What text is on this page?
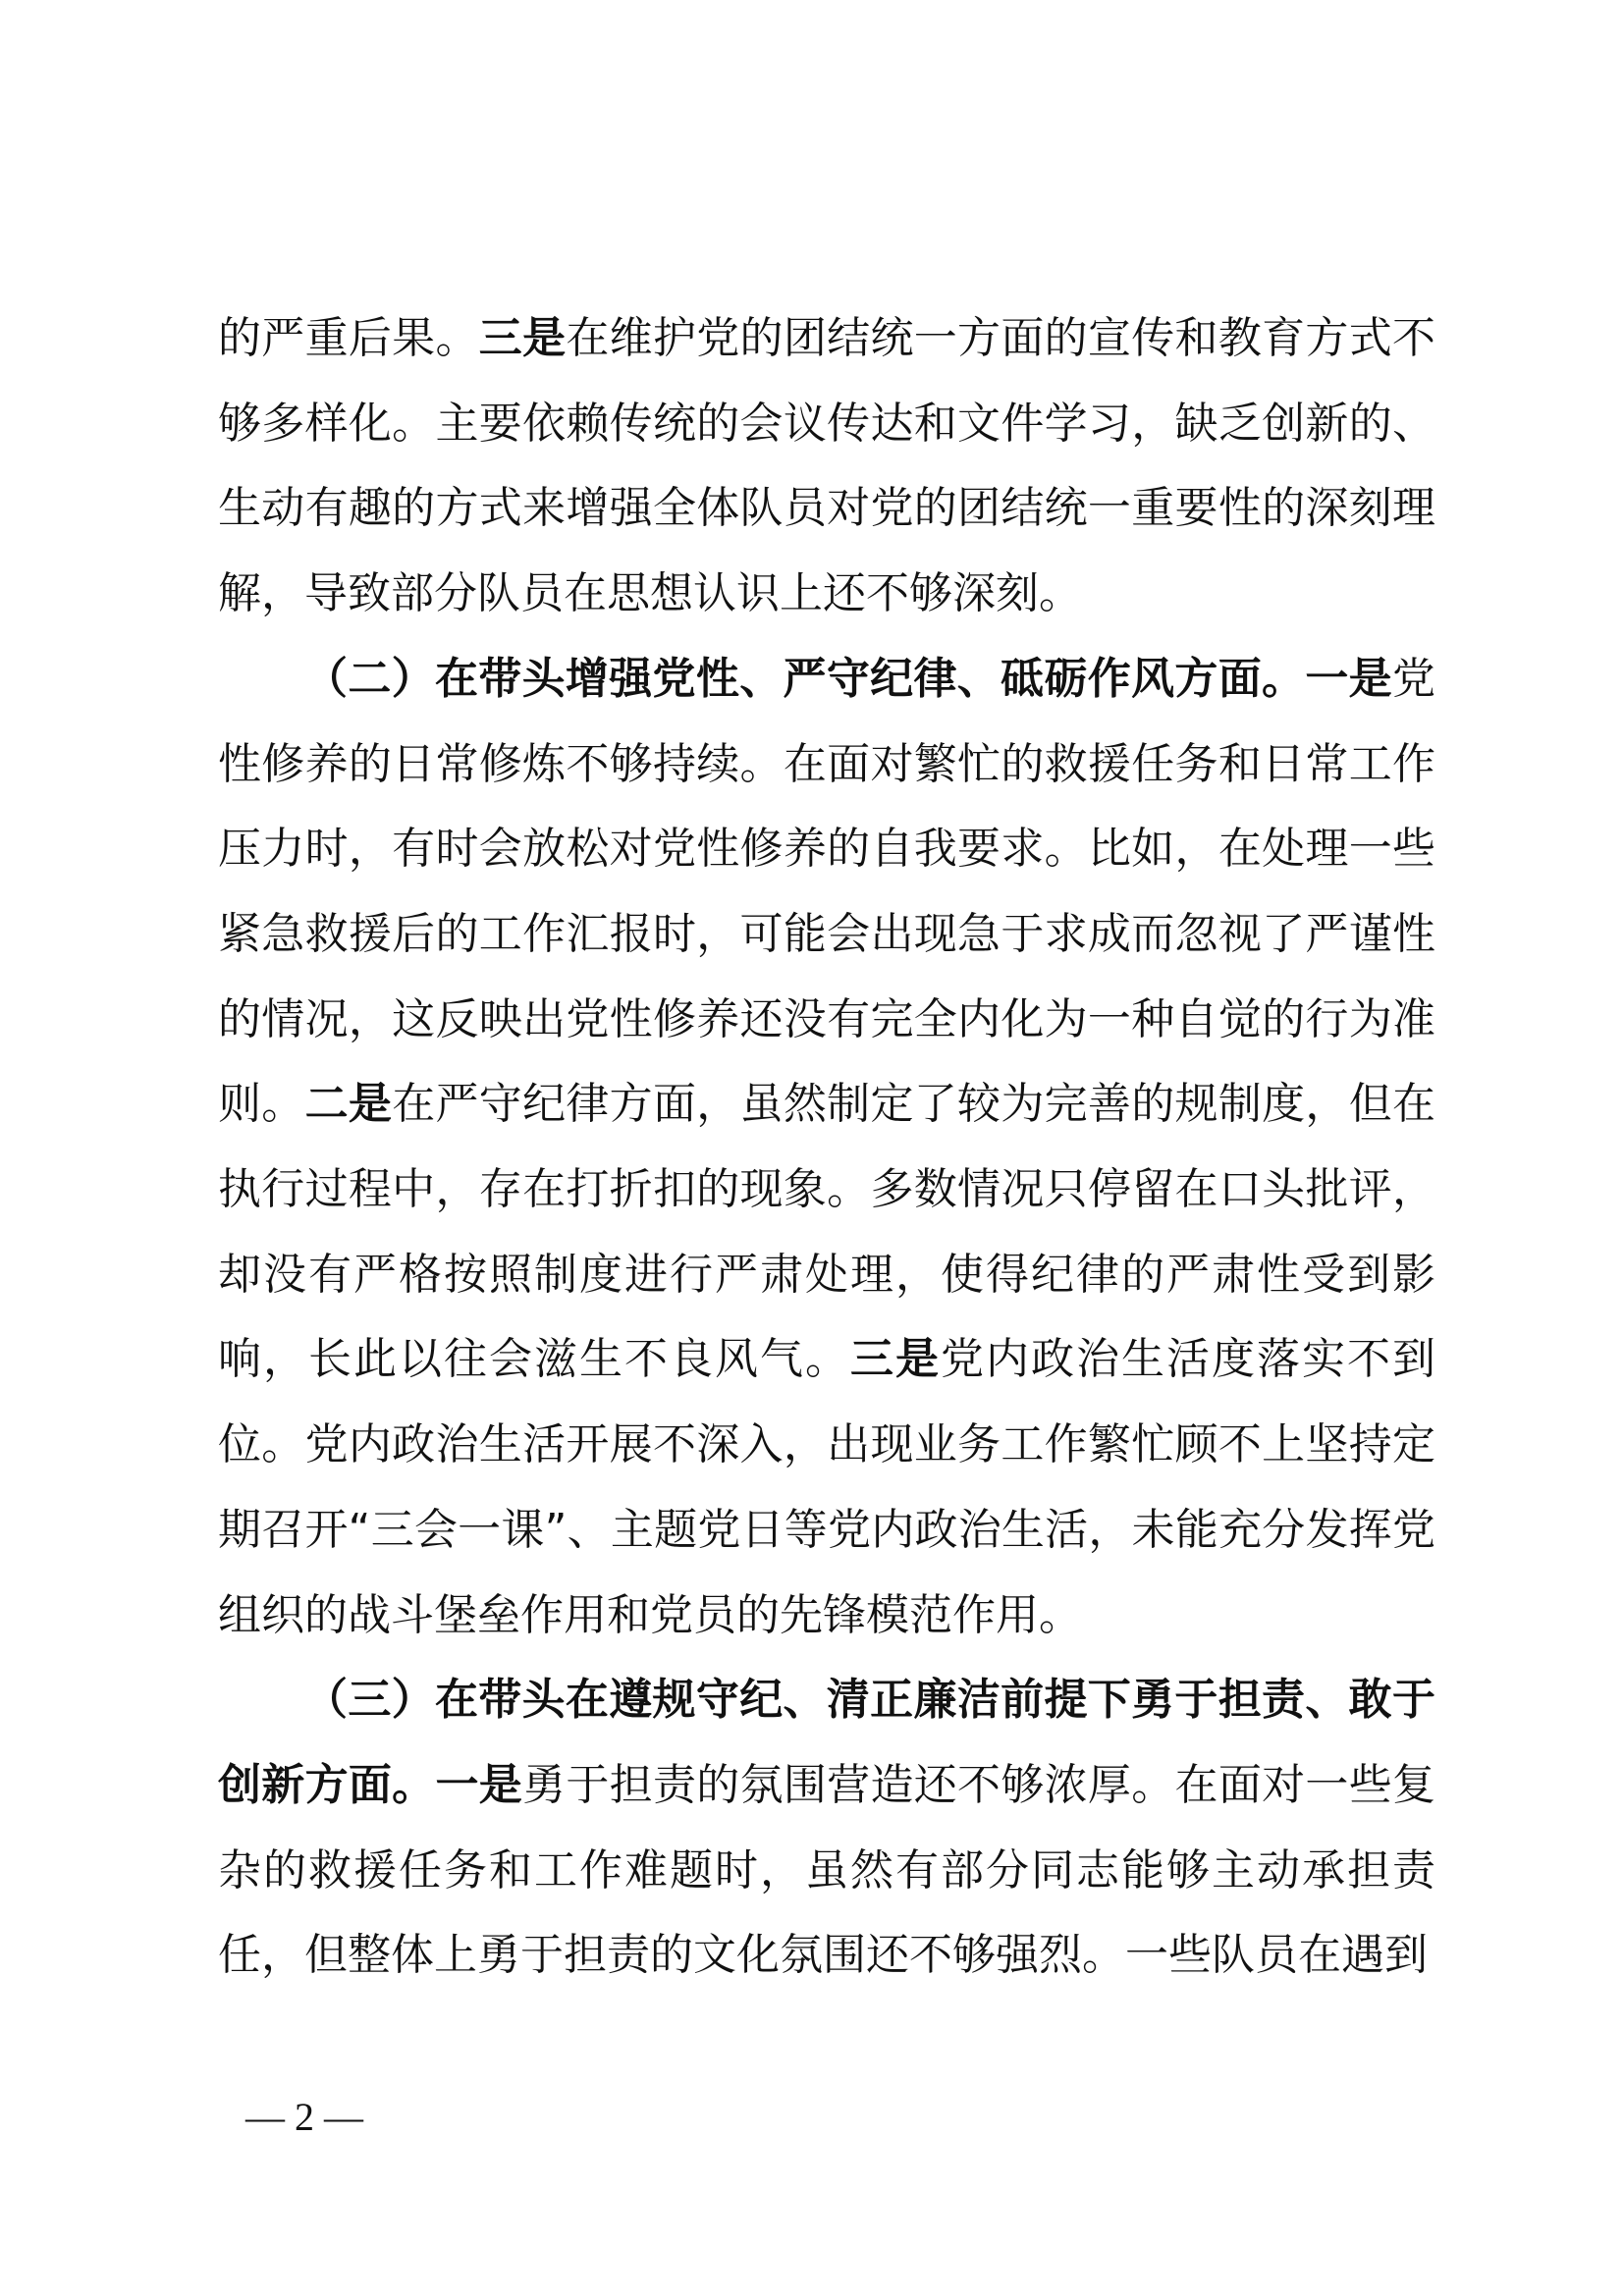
的严重后果。三是在维护党的团结统一方面的宣传和教育方式不够多样化。主要依赖传统的会议传达和文件学习，缺乏创新的、生动有趣的方式来增强全体队员对党的团结统一重要性的深刻理解，导致部分队员在思想认识上还不够深刻。

（二）在带头增强党性、严守纪律、砥砺作风方面。一是党性修养的日常修炼不够持续。在面对繁忙的救援任务和日常工作压力时，有时会放松对党性修养的自我要求。比如，在处理一些紧急救援后的工作汇报时，可能会出现急于求成而忽视了严谨性的情况，这反映出党性修养还没有完全内化为一种自觉的行为准则。二是在严守纪律方面，虽然制定了较为完善的规制度，但在执行过程中，存在打折扣的现象。多数情况只停留在口头批评，却没有严格按照制度进行严肃处理，使得纪律的严肃性受到影响，长此以往会滋生不良风气。三是党内政治生活度落实不到位。党内政治生活开展不深入，出现业务工作繁忙顾不上坚持定期召开“三会一课”、主题党日等党内政治生活，未能充分发挥党组织的战斗堡垒作用和党员的先锋模范作用。

（三）在带头在遵规守纪、清正廉洁前提下勇于担责、敢于创新方面。一是勇于担责的氛围营造还不够浓厚。在面对一些复杂的救援任务和工作难题时，虽然有部分同志能够主动承担责任，但整体上勇于担责的文化氛围还不够强烈。一些队员在遇到

— 2 —
